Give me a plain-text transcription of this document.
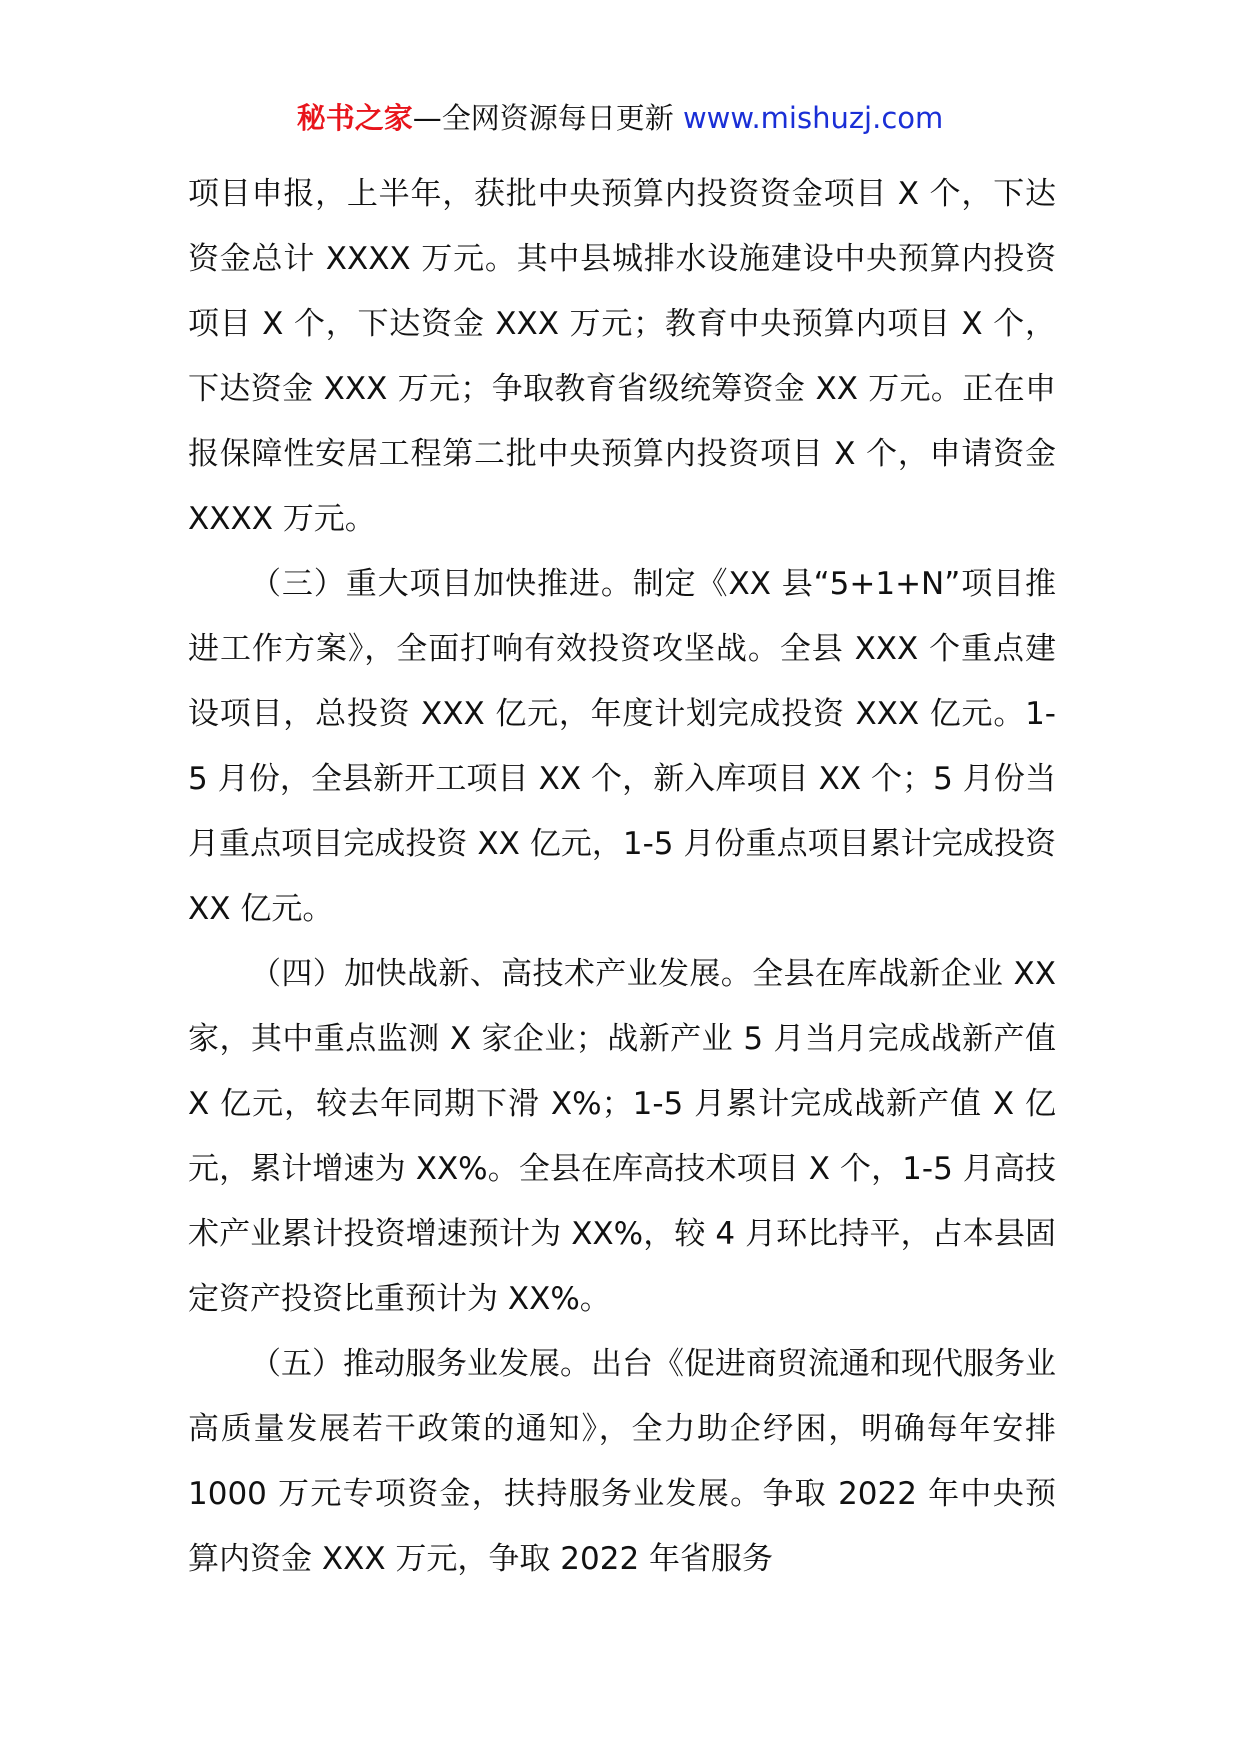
秘书之家—全网资源每日更新 www.mishuzj.com

项目申报，上半年，获批中央预算内投资资金项目 X 个，下达资金总计 XXXX 万元。其中县城排水设施建设中央预算内投资项目 X 个，下达资金 XXX 万元；教育中央预算内项目 X 个，下达资金 XXX 万元；争取教育省级统筹资金 XX 万元。正在申报保障性安居工程第二批中央预算内投资项目 X 个，申请资金 XXXX 万元。

（三）重大项目加快推进。制定《XX 县“5+1+N”项目推进工作方案》，全面打响有效投资攻坚战。全县 XXX 个重点建设项目，总投资 XXX 亿元，年度计划完成投资 XXX 亿元。1-5 月份，全县新开工项目 XX 个，新入库项目 XX 个；5 月份当月重点项目完成投资 XX 亿元，1-5 月份重点项目累计完成投资 XX 亿元。

（四）加快战新、高技术产业发展。全县在库战新企业 XX 家，其中重点监测 X 家企业；战新产业 5 月当月完成战新产值 X 亿元，较去年同期下滑 X%；1-5 月累计完成战新产值 X 亿元，累计增速为 XX%。全县在库高技术项目 X 个，1-5 月高技术产业累计投资增速预计为 XX%，较 4 月环比持平，占本县固定资产投资比重预计为 XX%。

（五）推动服务业发展。出台《促进商贸流通和现代服务业高质量发展若干政策的通知》，全力助企纾困，明确每年安排 1000 万元专项资金，扶持服务业发展。争取 2022 年中央预算内资金 XXX 万元，争取 2022 年省服务
